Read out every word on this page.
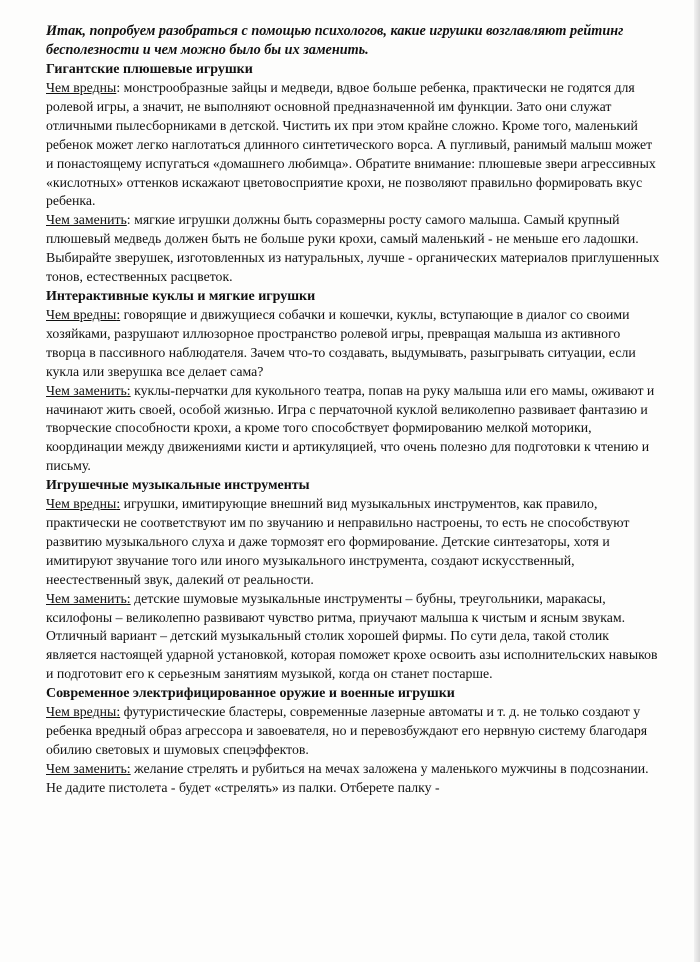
Итак, попробуем разобраться с помощью психологов, какие игрушки возглавляют рейтинг бесполезности и чем можно было бы их заменить.

Гигантские плюшевые игрушки

Чем вредны: монстрообразные зайцы и медведи, вдвое больше ребенка, практически не годятся для ролевой игры, а значит, не выполняют основной предназначенной им функции. Зато они служат отличными пылесборниками в детской. Чистить их при этом крайне сложно. Кроме того, маленький ребенок может легко наглотаться длинного синтетического ворса. А пугливый, ранимый малыш может и понастоящему испугаться «домашнего любимца». Обратите внимание: плюшевые звери агрессивных «кислотных» оттенков искажают цветовосприятие крохи, не позволяют правильно формировать вкус ребенка.

Чем заменить: мягкие игрушки должны быть соразмерны росту самого малыша. Самый крупный плюшевый медведь должен быть не больше руки крохи, самый маленький - не меньше его ладошки. Выбирайте зверушек, изготовленных из натуральных, лучше - органических материалов приглушенных тонов, естественных расцветок.

Интерактивные куклы и мягкие игрушки

Чем вредны: говорящие и движущиеся собачки и кошечки, куклы, вступающие в диалог со своими хозяйками, разрушают иллюзорное пространство ролевой игры, превращая малыша из активного творца в пассивного наблюдателя. Зачем что-то создавать, выдумывать, разыгрывать ситуации, если кукла или зверушка все делает сама?

Чем заменить: куклы-перчатки для кукольного театра, попав на руку малыша или его мамы, оживают и начинают жить своей, особой жизнью. Игра с перчаточной куклой великолепно развивает фантазию и творческие способности крохи, а кроме того способствует формированию мелкой моторики, координации между движениями кисти и артикуляцией, что очень полезно для подготовки к чтению и письму.

Игрушечные музыкальные инструменты

Чем вредны: игрушки, имитирующие внешний вид музыкальных инструментов, как правило, практически не соответствуют им по звучанию и неправильно настроены, то есть не способствуют развитию музыкального слуха и даже тормозят его формирование. Детские синтезаторы, хотя и имитируют звучание того или иного музыкального инструмента, создают искусственный, неестественный звук, далекий от реальности.

Чем заменить: детские шумовые музыкальные инструменты – бубны, треугольники, маракасы, ксилофоны – великолепно развивают чувство ритма, приучают малыша к чистым и ясным звукам. Отличный вариант – детский музыкальный столик хорошей фирмы. По сути дела, такой столик является настоящей ударной установкой, которая поможет крохе освоить азы исполнительских навыков и подготовит его к серьезным занятиям музыкой, когда он станет постарше.

Современное электрифицированное оружие и военные игрушки

Чем вредны: футуристические бластеры, современные лазерные автоматы и т. д. не только создают у ребенка вредный образ агрессора и завоевателя, но и перевозбуждают его нервную систему благодаря обилию световых и шумовых спецэффектов.

Чем заменить: желание стрелять и рубиться на мечах заложена у маленького мужчины в подсознании. Не дадите пистолета - будет «стрелять» из палки. Отберете палку -
